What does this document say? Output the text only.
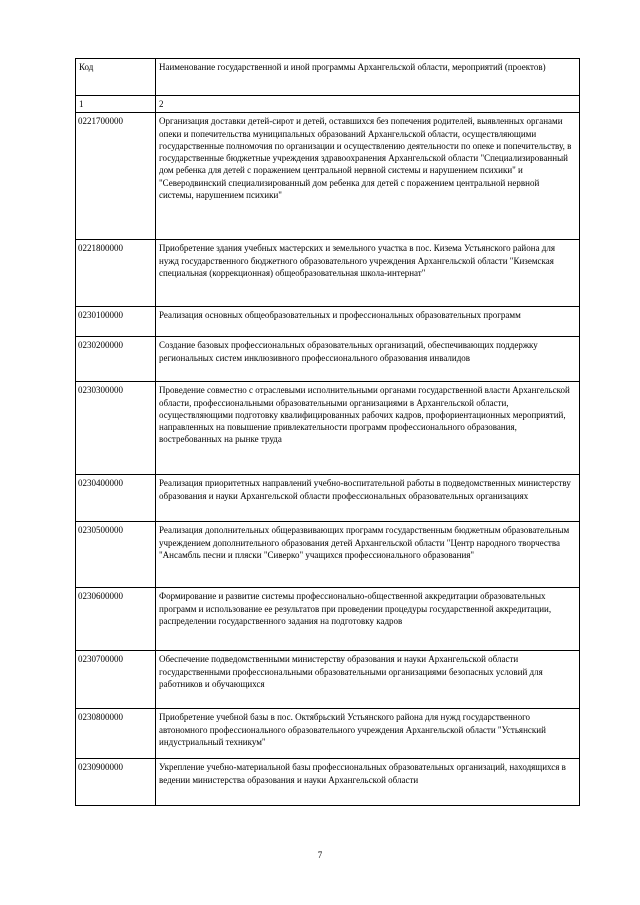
Код	Наименование государственной и иной программы Архангельской области, мероприятий (проектов)
1	2
0221700000	Организация доставки детей-сирот и детей, оставшихся без попечения родителей, выявленных органами опеки и попечительства муниципальных образований Архангельской области, осуществляющими государственные полномочия по организации и осуществлению деятельности по опеке и попечительству, в государственные бюджетные учреждения здравоохранения Архангельской области "Специализированный дом ребенка для детей с поражением центральной нервной системы и нарушением психики" и "Северодвинский специализированный дом ребенка для детей с поражением центральной нервной системы, нарушением психики"
0221800000	Приобретение здания учебных мастерских и земельного участка в пос. Кизема Устьянского района для нужд государственного бюджетного образовательного учреждения Архангельской области "Киземская специальная (коррекционная) общеобразовательная школа-интернат"
0230100000	Реализация основных общеобразовательных и профессиональных образовательных программ
0230200000	Создание базовых профессиональных образовательных организаций, обеспечивающих поддержку региональных систем инклюзивного профессионального образования инвалидов
0230300000	Проведение совместно с отраслевыми исполнительными органами государственной власти Архангельской области, профессиональными образовательными организациями в Архангельской области, осуществляющими подготовку квалифицированных рабочих кадров, профориентационных мероприятий, направленных на повышение привлекательности программ профессионального образования, востребованных на рынке труда
0230400000	Реализация приоритетных направлений учебно-воспитательной работы в подведомственных министерству образования и науки Архангельской области профессиональных образовательных организациях
0230500000	Реализация дополнительных общеразвивающих программ государственным бюджетным образовательным учреждением дополнительного образования детей Архангельской области "Центр народного творчества "Ансамбль песни и пляски "Сиверко" учащихся профессионального образования"
0230600000	Формирование и развитие системы профессионально-общественной аккредитации образовательных программ и использование ее результатов при проведении процедуры государственной аккредитации, распределении государственного задания на подготовку кадров
0230700000	Обеспечение подведомственными министерству образования и науки Архангельской области государственными профессиональными образовательными организациями безопасных условий для работников и обучающихся
0230800000	Приобретение учебной базы в пос. Октябрьский Устьянского района для нужд государственного автономного профессионального образовательного учреждения Архангельской области "Устьянский индустриальный техникум"
0230900000	Укрепление учебно-материальной базы профессиональных образовательных организаций, находящихся в ведении министерства образования и науки Архангельской области
7
